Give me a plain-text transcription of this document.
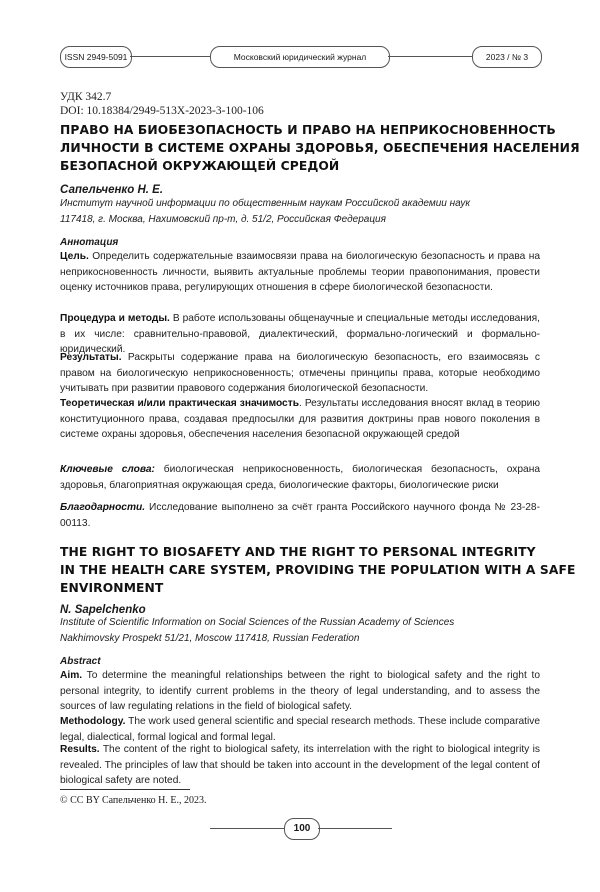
ISSN 2949-5091	Московский юридический журнал	2023 / № 3
УДК 342.7
DOI: 10.18384/2949-513X-2023-3-100-106
ПРАВО НА БИОБЕЗОПАСНОСТЬ И ПРАВО НА НЕПРИКОСНОВЕННОСТЬ
ЛИЧНОСТИ В СИСТЕМЕ ОХРАНЫ ЗДОРОВЬЯ, ОБЕСПЕЧЕНИЯ НАСЕЛЕНИЯ
БЕЗОПАСНОЙ ОКРУЖАЮЩЕЙ СРЕДОЙ
Сапельченко Н. Е.
Институт научной информации по общественным наукам Российской академии наук
117418, г. Москва, Нахимовский пр-т, д. 51/2, Российская Федерация
Аннотация

Цель. Определить содержательные взаимосвязи права на биологическую безопасность и права на неприкосновенность личности, выявить актуальные проблемы теории правопонимания, провести оценку источников права, регулирующих отношения в сфере биологической безопасности.

Процедура и методы. В работе использованы общенаучные и специальные методы исследования, в их числе: сравнительно-правовой, диалектический, формально-логический и формально-юридический.

Результаты. Раскрыты содержание права на биологическую безопасность, его взаимосвязь с правом на биологическую неприкосновенность; отмечены принципы права, которые необходимо учитывать при развитии правового содержания биологической безопасности.

Теоретическая и/или практическая значимость. Результаты исследования вносят вклад в теорию конституционного права, создавая предпосылки для развития доктрины прав нового поколения в системе охраны здоровья, обеспечения населения безопасной окружающей средой

Ключевые слова: биологическая неприкосновенность, биологическая безопасность, охрана здоровья, благоприятная окружающая среда, биологические факторы, биологические риски

Благодарности. Исследование выполнено за счёт гранта Российского научного фонда № 23-28-00113.

THE RIGHT TO BIOSAFETY AND THE RIGHT TO PERSONAL INTEGRITY
IN THE HEALTH CARE SYSTEM, PROVIDING THE POPULATION WITH A SAFE
ENVIRONMENT
N. Sapelchenko
Institute of Scientific Information on Social Sciences of the Russian Academy of Sciences
Nakhimovsky Prospekt 51/21, Moscow 117418, Russian Federation
Abstract

Aim. To determine the meaningful relationships between the right to biological safety and the right to personal integrity, to identify current problems in the theory of legal understanding, and to assess the sources of law regulating relations in the field of biological safety.

Methodology. The work used general scientific and special research methods. These include comparative legal, dialectical, formal logical and formal legal.

Results. The content of the right to biological safety, its interrelation with the right to biological integrity is revealed. The principles of law that should be taken into account in the development of the legal content of biological safety are noted.

© CC BY Сапельченко Н. Е., 2023.
100
